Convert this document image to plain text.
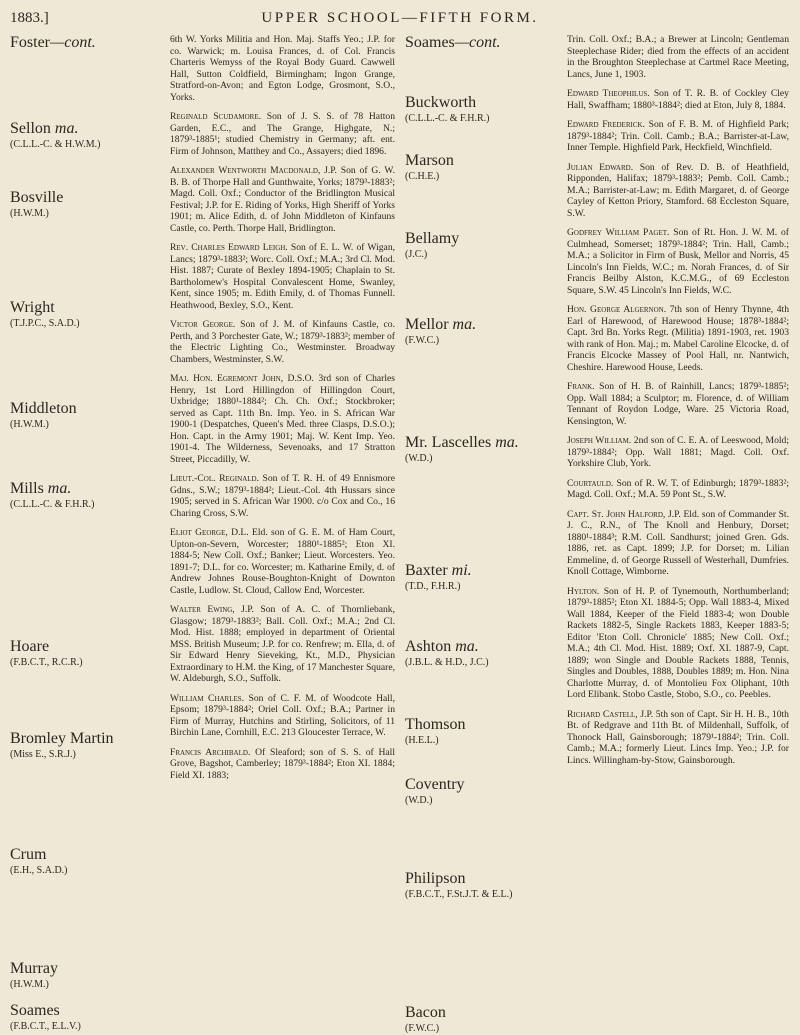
1883.]	UPPER SCHOOL—FIFTH FORM.
Foster—cont.
Sellon ma.
(C.L.L.-C. & H.W.M.)
Bosville
(H.W.M.)
Wright
(T.J.P.C., S.A.D.)
Middleton
(H.W.M.)
Mills ma.
(C.L.L.-C. & F.H.R.)
Hoare
(F.B.C.T., R.C.R.)
Bromley Martin
(Miss E., S.R.J.)
Crum
(E.H., S.A.D.)
Murray
(H.W.M.)
Soames
(F.B.C.T., E.L.V.)

6th W. Yorks Militia and Hon. Maj. Staffs Yeo.; J.P. for co. Warwick; m. Louisa Frances, d. of Col. Francis Charteris Wemyss of the Royal Body Guard. Cawwell Hall, Sutton Coldfield, Birmingham; Ingon Grange, Stratford-on-Avon; and Egton Lodge, Grosmont, S.O., Yorks.

Reginald Scudamore. Son of J. S. S. of 78 Hatton Garden, E.C., and The Grange, Highgate, N.; 1879³-1885¹; studied Chemistry in Germany; aft. ent. Firm of Johnson, Matthey and Co., Assayers; died 1896.

Alexander Wentworth Macdonald, J.P. Son of G. W. B. B. of Thorpe Hall and Gunthwaite, Yorks; 1879³-1883²; Magd. Coll. Oxf.; Conductor of the Bridlington Musical Festival; J.P. for E. Riding of Yorks, High Sheriff of Yorks 1901; m. Alice Edith, d. of John Middleton of Kinfauns Castle, co. Perth. Thorpe Hall, Bridlington.

Rev. Charles Edward Leigh. Son of E. L. W. of Wigan, Lancs; 1879³-1883²; Worc. Coll. Oxf.; M.A.; 3rd Cl. Mod. Hist. 1887; Curate of Bexley 1894-1905; Chaplain to St. Bartholomew's Hospital Convalescent Home, Swanley, Kent, since 1905; m. Edith Emily, d. of Thomas Funnell. Heathwood, Bexley, S.O., Kent.

Victor George. Son of J. M. of Kinfauns Castle, co. Perth, and 3 Porchester Gate, W.; 1879³-1883²; member of the Electric Lighting Co., Westminster. Broadway Chambers, Westminster, S.W.

Maj. Hon. Egremont John, D.S.O. 3rd son of Charles Henry, 1st Lord Hillingdon of Hillingdon Court, Uxbridge; 1880¹-1884²; Ch. Ch. Oxf.; Stockbroker; served as Capt. 11th Bn. Imp. Yeo. in S. African War 1900-1 (Despatches, Queen's Med. three Clasps, D.S.O.); Hon. Capt. in the Army 1901; Maj. W. Kent Imp. Yeo. 1901-4. The Wilderness, Sevenoaks, and 17 Stratton Street, Piccadilly, W.

Lieut.-Col. Reginald. Son of T. R. H. of 49 Ennismore Gdns., S.W.; 1879³-1884²; Lieut.-Col. 4th Hussars since 1905; served in S. African War 1900. c/o Cox and Co., 16 Charing Cross, S.W.

Eliot George, D.L. Eld. son of G. E. M. of Ham Court, Upton-on-Severn, Worcester; 1880¹-1885²; Eton XI. 1884-5; New Coll. Oxf.; Banker; Lieut. Worcesters. Yeo. 1891-7; D.L. for co. Worcester; m. Katharine Emily, d. of Andrew Johnes Rouse-Boughton-Knight of Downton Castle, Ludlow. St. Cloud, Callow End, Worcester.

Walter Ewing, J.P. Son of A. C. of Thornliebank, Glasgow; 1879³-1883²; Ball. Coll. Oxf.; M.A.; 2nd Cl. Mod. Hist. 1888; employed in department of Oriental MSS. British Museum; J.P. for co. Renfrew; m. Ella, d. of Sir Edward Henry Sieveking, Kt., M.D., Physician Extraordinary to H.M. the King, of 17 Manchester Square, W. Aldeburgh, S.O., Suffolk.

William Charles. Son of C. F. M. of Woodcote Hall, Epsom; 1879³-1884²; Oriel Coll. Oxf.; B.A.; Partner in Firm of Murray, Hutchins and Stirling, Solicitors, of 11 Birchin Lane, Cornhill, E.C. 213 Gloucester Terrace, W.

Francis Archibald. Of Sleaford; son of S. S. of Hall Grove, Bagshot, Camberley; 1879³-1884²; Eton XI. 1884; Field XI. 1883;

Soames—cont.
Buckworth
(C.L.L.-C. & F.H.R.)
Marson
(C.H.E.)
Bellamy
(J.C.)
Mellor ma.
(F.W.C.)
Mr. Lascelles ma.
(W.D.)
Baxter mi.
(T.D., F.H.R.)
Ashton ma.
(J.B.L. & H.D., J.C.)
Thomson
(H.E.L.)
Coventry
(W.D.)
Philipson
(F.B.C.T., F.St.J.T. & E.L.)
Bacon
(F.W.C.)

Trin. Coll. Oxf.; B.A.; a Brewer at Lincoln; Gentleman Steeplechase Rider; died from the effects of an accident in the Broughton Steeplechase at Cartmel Race Meeting, Lancs, June 1, 1903.

Edward Theophilus. Son of T. R. B. of Cockley Cley Hall, Swaffham; 1880³-1884²; died at Eton, July 8, 1884.

Edward Frederick. Son of F. B. M. of Highfield Park; 1879³-1884²; Trin. Coll. Camb.; B.A.; Barrister-at-Law, Inner Temple. Highfield Park, Heckfield, Winchfield.

Julian Edward. Son of Rev. D. B. of Heathfield, Ripponden, Halifax; 1879³-1883²; Pemb. Coll. Camb.; M.A.; Barrister-at-Law; m. Edith Margaret, d. of George Cayley of Ketton Priory, Stamford. 68 Eccleston Square, S.W.

Godfrey William Paget. Son of Rt. Hon. J. W. M. of Culmhead, Somerset; 1879³-1884²; Trin. Hall, Camb.; M.A.; a Solicitor in Firm of Busk, Mellor and Norris, 45 Lincoln's Inn Fields, W.C.; m. Norah Frances, d. of Sir Francis Beilby Alston, K.C.M.G., of 69 Eccleston Square, S.W. 45 Lincoln's Inn Fields, W.C.

Hon. George Algernon. 7th son of Henry Thynne, 4th Earl of Harewood, of Harewood House; 1878³-1884²; Capt. 3rd Bn. Yorks Regt. (Militia) 1891-1903, ret. 1903 with rank of Hon. Maj.; m. Mabel Caroline Elcocke, d. of Francis Elcocke Massey of Pool Hall, nr. Nantwich, Cheshire. Harewood House, Leeds.

Frank. Son of H. B. of Rainhill, Lancs; 1879³-1885²; Opp. Wall 1884; a Sculptor; m. Florence, d. of William Tennant of Roydon Lodge, Ware. 25 Victoria Road, Kensington, W.

Joseph William. 2nd son of C. E. A. of Leeswood, Mold; 1879³-1884²; Opp. Wall 1881; Magd. Coll. Oxf. Yorkshire Club, York.

Courtauld. Son of R. W. T. of Edinburgh; 1879³-1883²; Magd. Coll. Oxf.; M.A. 59 Pont St., S.W.

Capt. St. John Halford, J.P. Eld. son of Commander St. J. C., R.N., of The Knoll and Henbury, Dorset; 1880¹-1884³; R.M. Coll. Sandhurst; joined Gren. Gds. 1886, ret. as Capt. 1899; J.P. for Dorset; m. Lilian Emmeline, d. of George Russell of Westerhall, Dumfries. Knoll Cottage, Wimborne.

Hylton. Son of H. P. of Tynemouth, Northumberland; 1879³-1885²; Eton XI. 1884-5; Opp. Wall 1883-4, Mixed Wall 1884, Keeper of the Field 1883-4; won Double Rackets 1882-5, Single Rackets 1883, Keeper 1883-5; Editor 'Eton Coll. Chronicle' 1885; New Coll. Oxf.; M.A.; 4th Cl. Mod. Hist. 1889; Oxf. XI. 1887-9, Capt. 1889; won Single and Double Rackets 1888, Tennis, Singles and Doubles, 1888, Doubles 1889; m. Hon. Nina Charlotte Murray, d. of Montolieu Fox Oliphant, 10th Lord Elibank. Stobo Castle, Stobo, S.O., co. Peebles.

Richard Castell, J.P. 5th son of Capt. Sir H. H. B., 10th Bt. of Redgrave and 11th Bt. of Mildenhall, Suffolk, of Thonock Hall, Gainsborough; 1879¹-1884²; Trin. Coll. Camb.; M.A.; formerly Lieut. Lincs Imp. Yeo.; J.P. for Lincs. Willingham-by-Stow, Gainsborough.
